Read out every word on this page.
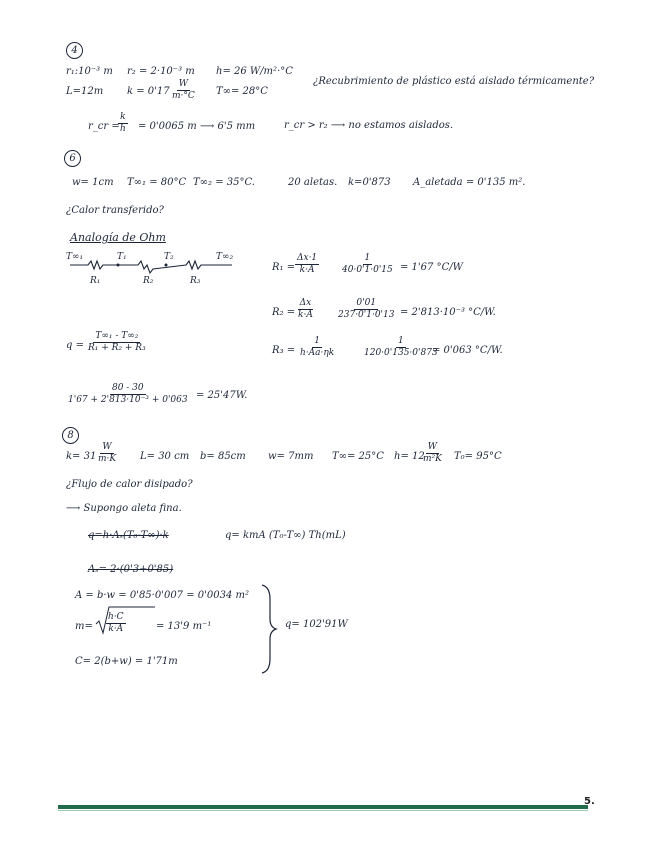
4
r₁:10⁻³ m r₂ = 2·10⁻³ m h= 26 W/m²·°C
¿Recubrimiento de plástico está aislado térmicamente?
L=12m $k = 0'17 \frac{W}{m\cdot^\circ C} T\infty= 28^\circ C$
r_cr =
$\frac{k}{h} = 0'0065$ m ⟶ 6'5 mm	r_cr > r₂ ⟶ no estamos aislados.
6
w= 1cm T∞₁ = 80°C T∞₂ = 35°C.	20 aletas. k=0'873 A_aletada = 0'135 m².
¿Calor transferido?
Analogía de Ohm
T∞₁	T₁	T₂	T∞₂
R₁	R₂	R₃
$R_1 = \frac{\Delta x\cdot 1}{k\cdot A} \frac{1}{40\cdot 0'1\cdot 0'15} = 1'67$ °C/W
$R_2 = \frac{\Delta x}{k\cdot A} \frac{0'01}{237\cdot 0'1\cdot 0'13} = 2'813\cdot 10^{-3}$ °C/W.
$q = \frac{\text{T∞₁ - T∞₂}}{\text{R₁ + R₂ + R₃}}$	$R_3 = \frac{1}{h\cdot Aa\cdot\eta k}$	$\frac{1}{120\cdot 0'135\cdot 0'873}$
= 0'063 °C/W.
$\frac{80 - 30}{\text{1'67 + 2'813·10⁻³ + 0'063}} = 25'47W$.
8
$k= 31 \frac{W}{m\cdot K} L= 30$ cm b= 85cm w= 7mm T∞= 25°C h= 12
$\frac{W}{\text{m²K}} T_0= 95^\circ C$
¿Flujo de calor disipado?
⟶ Supongo aleta fina.
q=h·Aₛ(T₀-T∞)·k	q= kmA (T₀-T∞) Th(mL)
Aₛ= 2·(0'3+0'85)
A = b·w = 0'85·0'007 = 0'0034 m²
$m= \frac{h\cdot C}{k\cdot A}$	= 13'9 m⁻¹
C= 2(b+w) = 1'71m
q= 102'91W
5.
